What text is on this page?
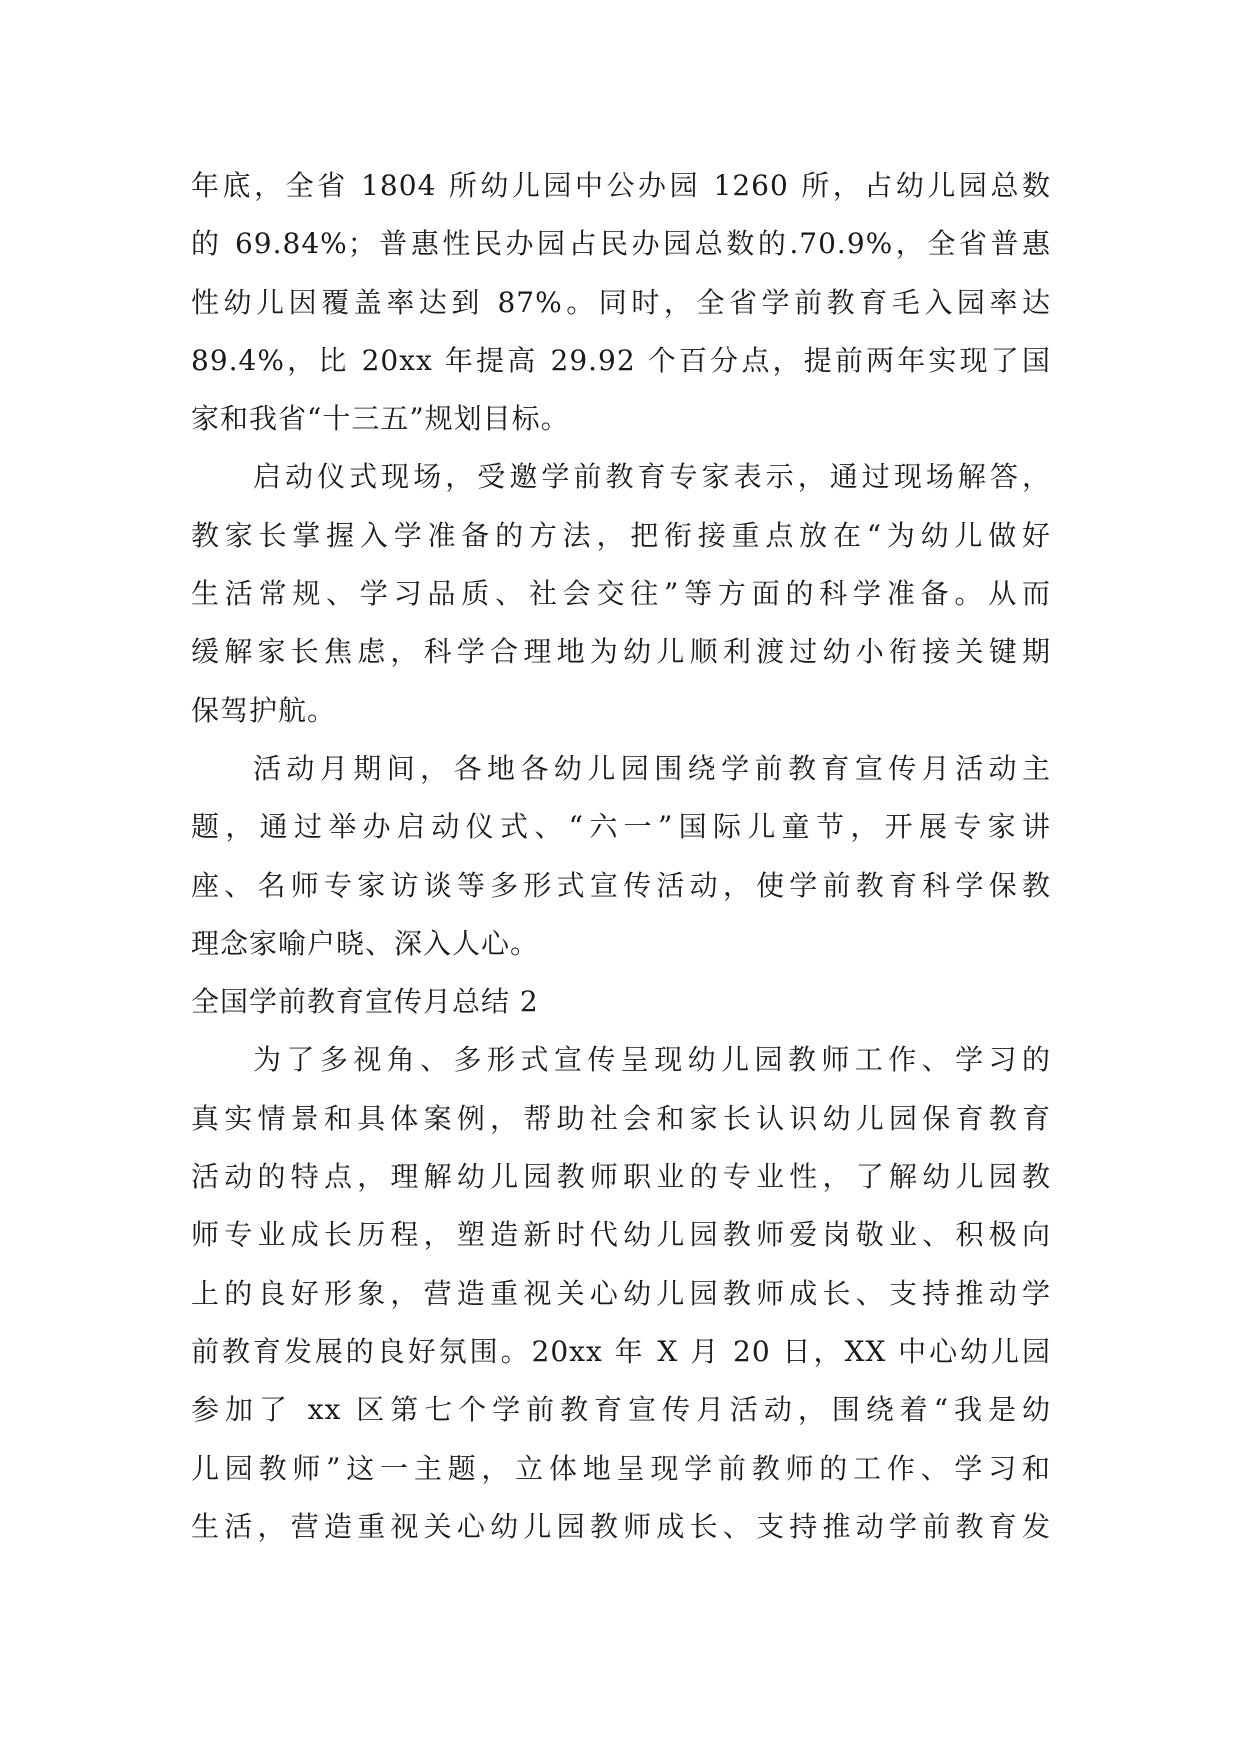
年底，全省 1804 所幼儿园中公办园 1260 所，占幼儿园总数
的 69.84%；普惠性民办园占民办园总数的.70.9%，全省普惠
性幼儿因覆盖率达到 87%。同时，全省学前教育毛入园率达
89.4%，比 20xx 年提高 29.92 个百分点，提前两年实现了国
家和我省“十三五”规划目标。
启动仪式现场，受邀学前教育专家表示，通过现场解答，
教家长掌握入学准备的方法，把衔接重点放在“为幼儿做好
生活常规、学习品质、社会交往”等方面的科学准备。从而
缓解家长焦虑，科学合理地为幼儿顺利渡过幼小衔接关键期
保驾护航。
活动月期间，各地各幼儿园围绕学前教育宣传月活动主
题，通过举办启动仪式、“六一”国际儿童节，开展专家讲
座、名师专家访谈等多形式宣传活动，使学前教育科学保教
理念家喻户晓、深入人心。
全国学前教育宣传月总结 2
为了多视角、多形式宣传呈现幼儿园教师工作、学习的
真实情景和具体案例，帮助社会和家长认识幼儿园保育教育
活动的特点，理解幼儿园教师职业的专业性，了解幼儿园教
师专业成长历程，塑造新时代幼儿园教师爱岗敬业、积极向
上的良好形象，营造重视关心幼儿园教师成长、支持推动学
前教育发展的良好氛围。20xx 年 X 月 20 日，XX 中心幼儿园
参加了 xx 区第七个学前教育宣传月活动，围绕着“我是幼
儿园教师”这一主题，立体地呈现学前教师的工作、学习和
生活，营造重视关心幼儿园教师成长、支持推动学前教育发
